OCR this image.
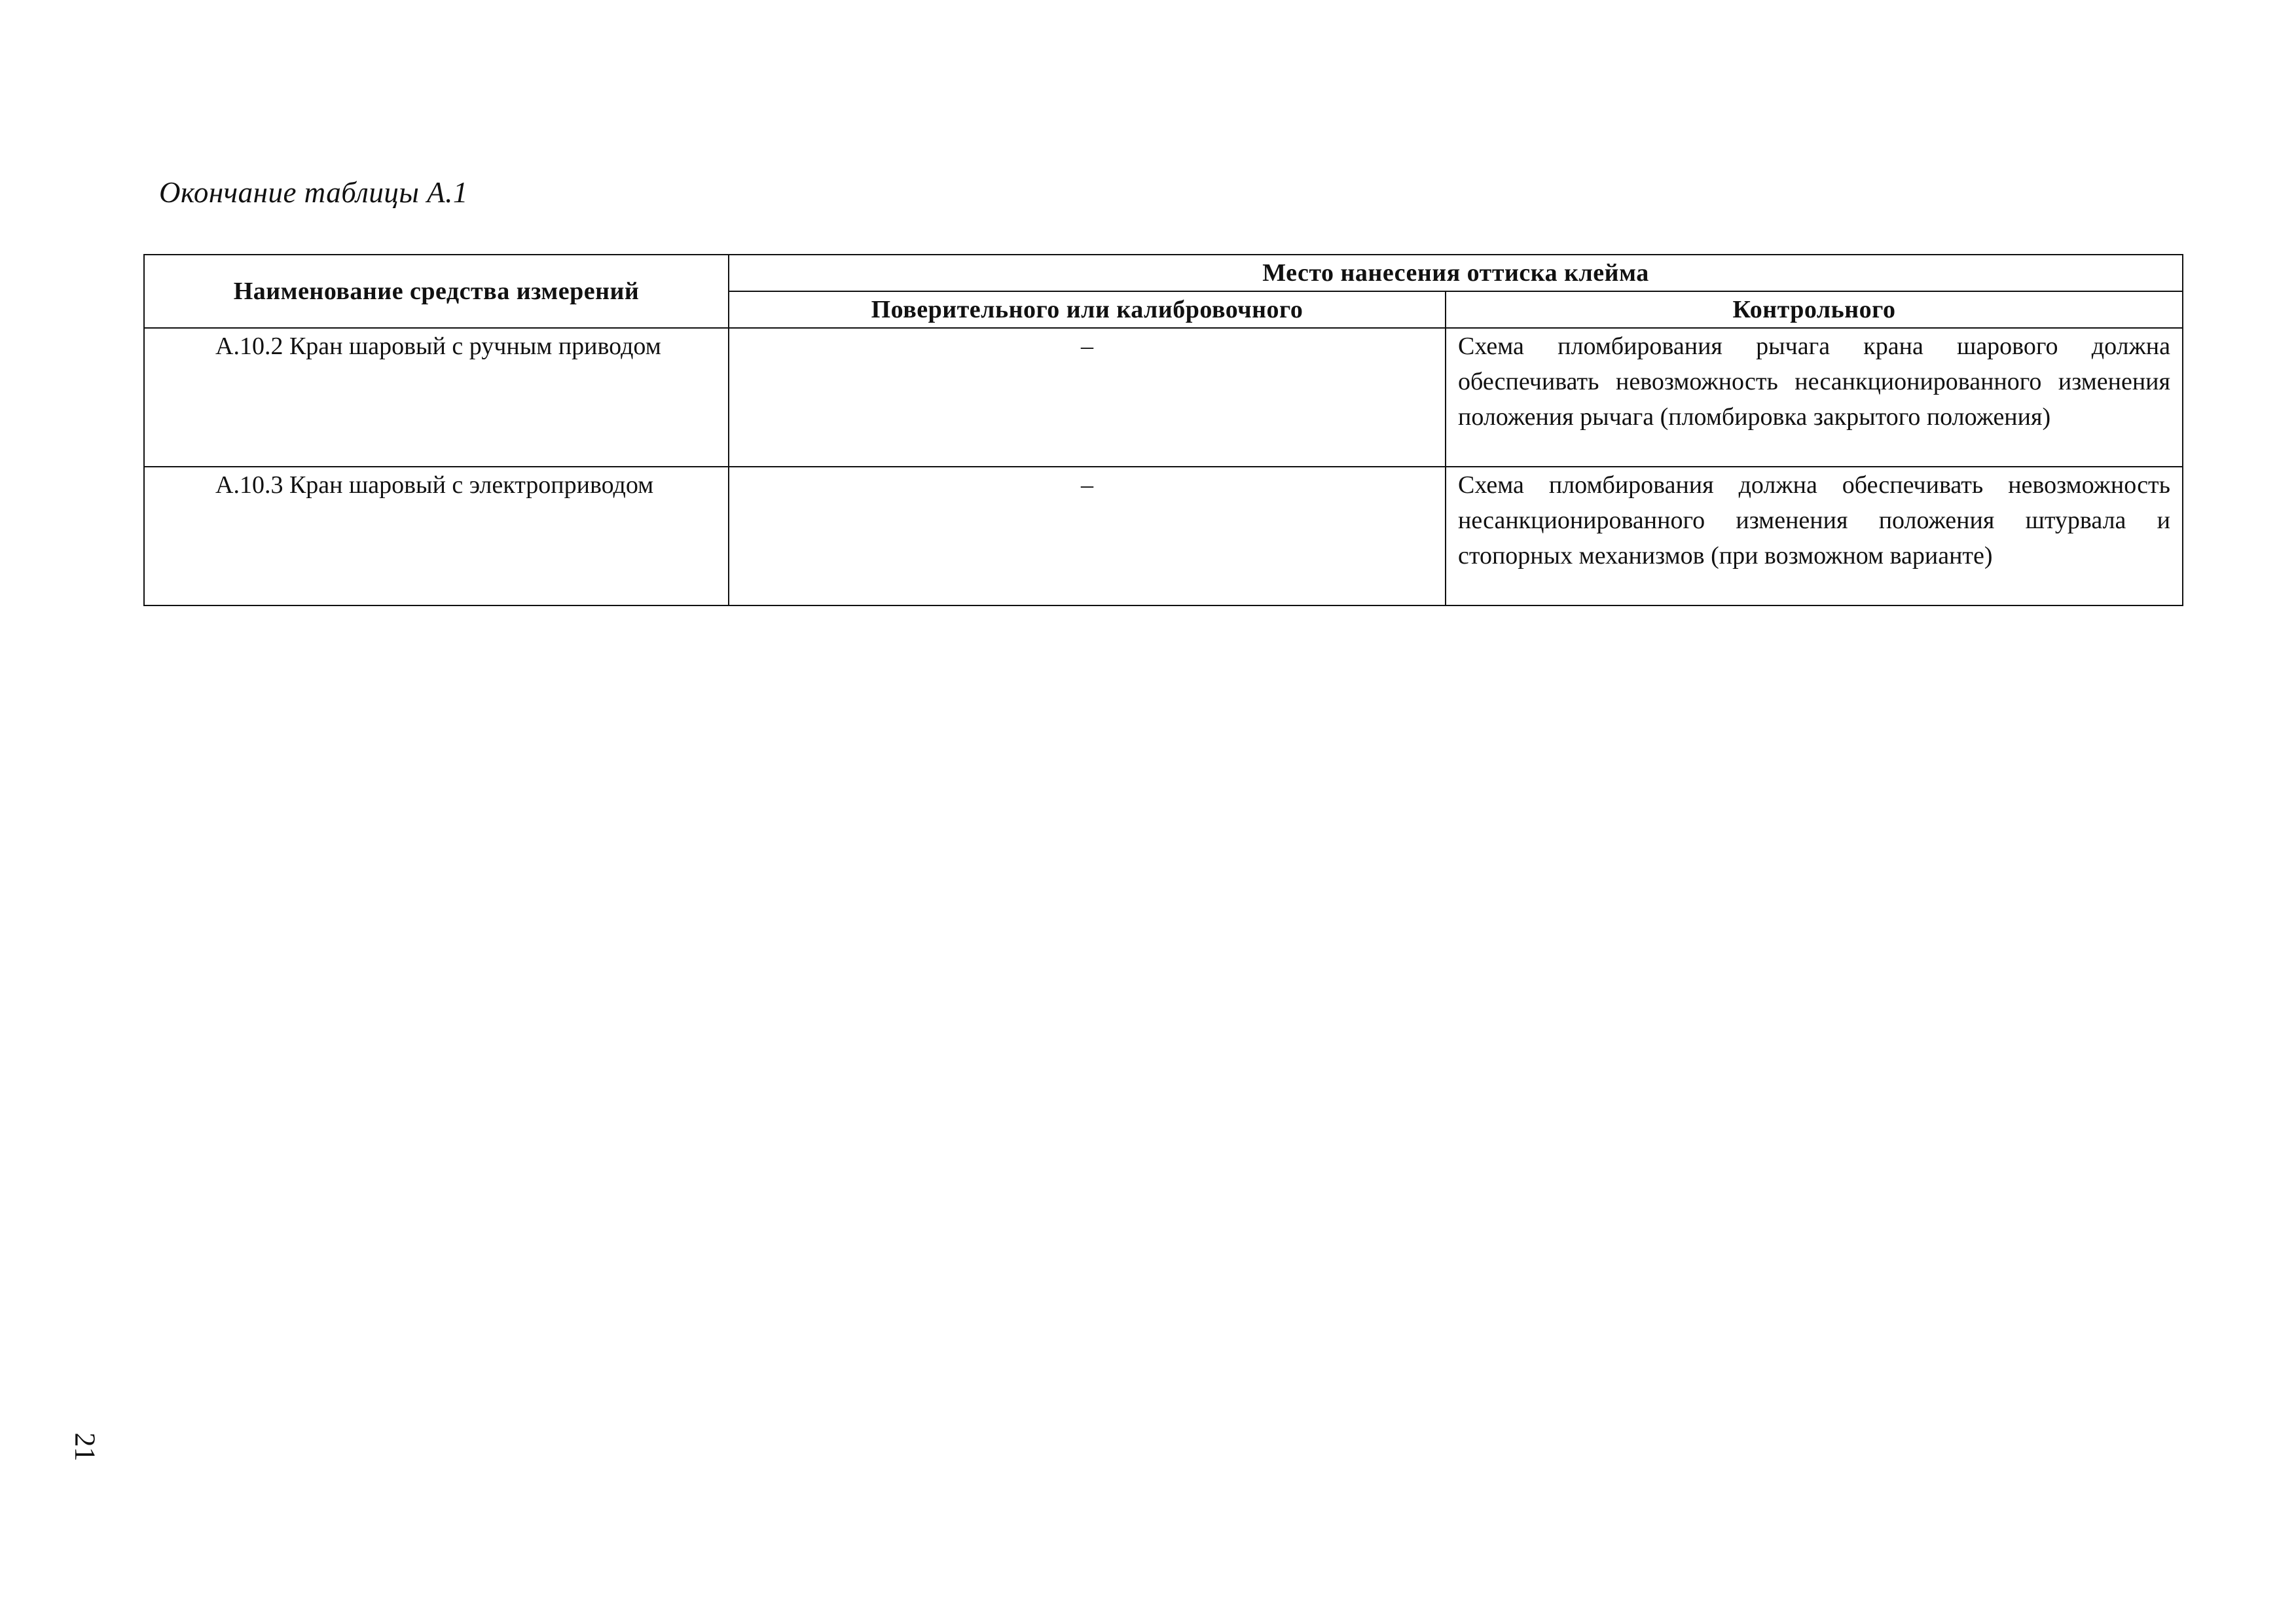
Окончание таблицы А.1
Наименование средства измерений	Место нанесения оттиска клейма	
	Поверительного или калибровочного	Контрольного
А.10.2 Кран шаровый с ручным приводом	–	Схема пломбирования рычага крана шарового должна обеспечивать невозможность несанкционированного изменения положения рычага (пломбировка закрытого положения)
А.10.3 Кран шаровый с электроприводом	–	Схема пломбирования должна обеспечивать невозможность несанкционированного изменения положения штурвала и стопорных механизмов (при возможном варианте)
21
